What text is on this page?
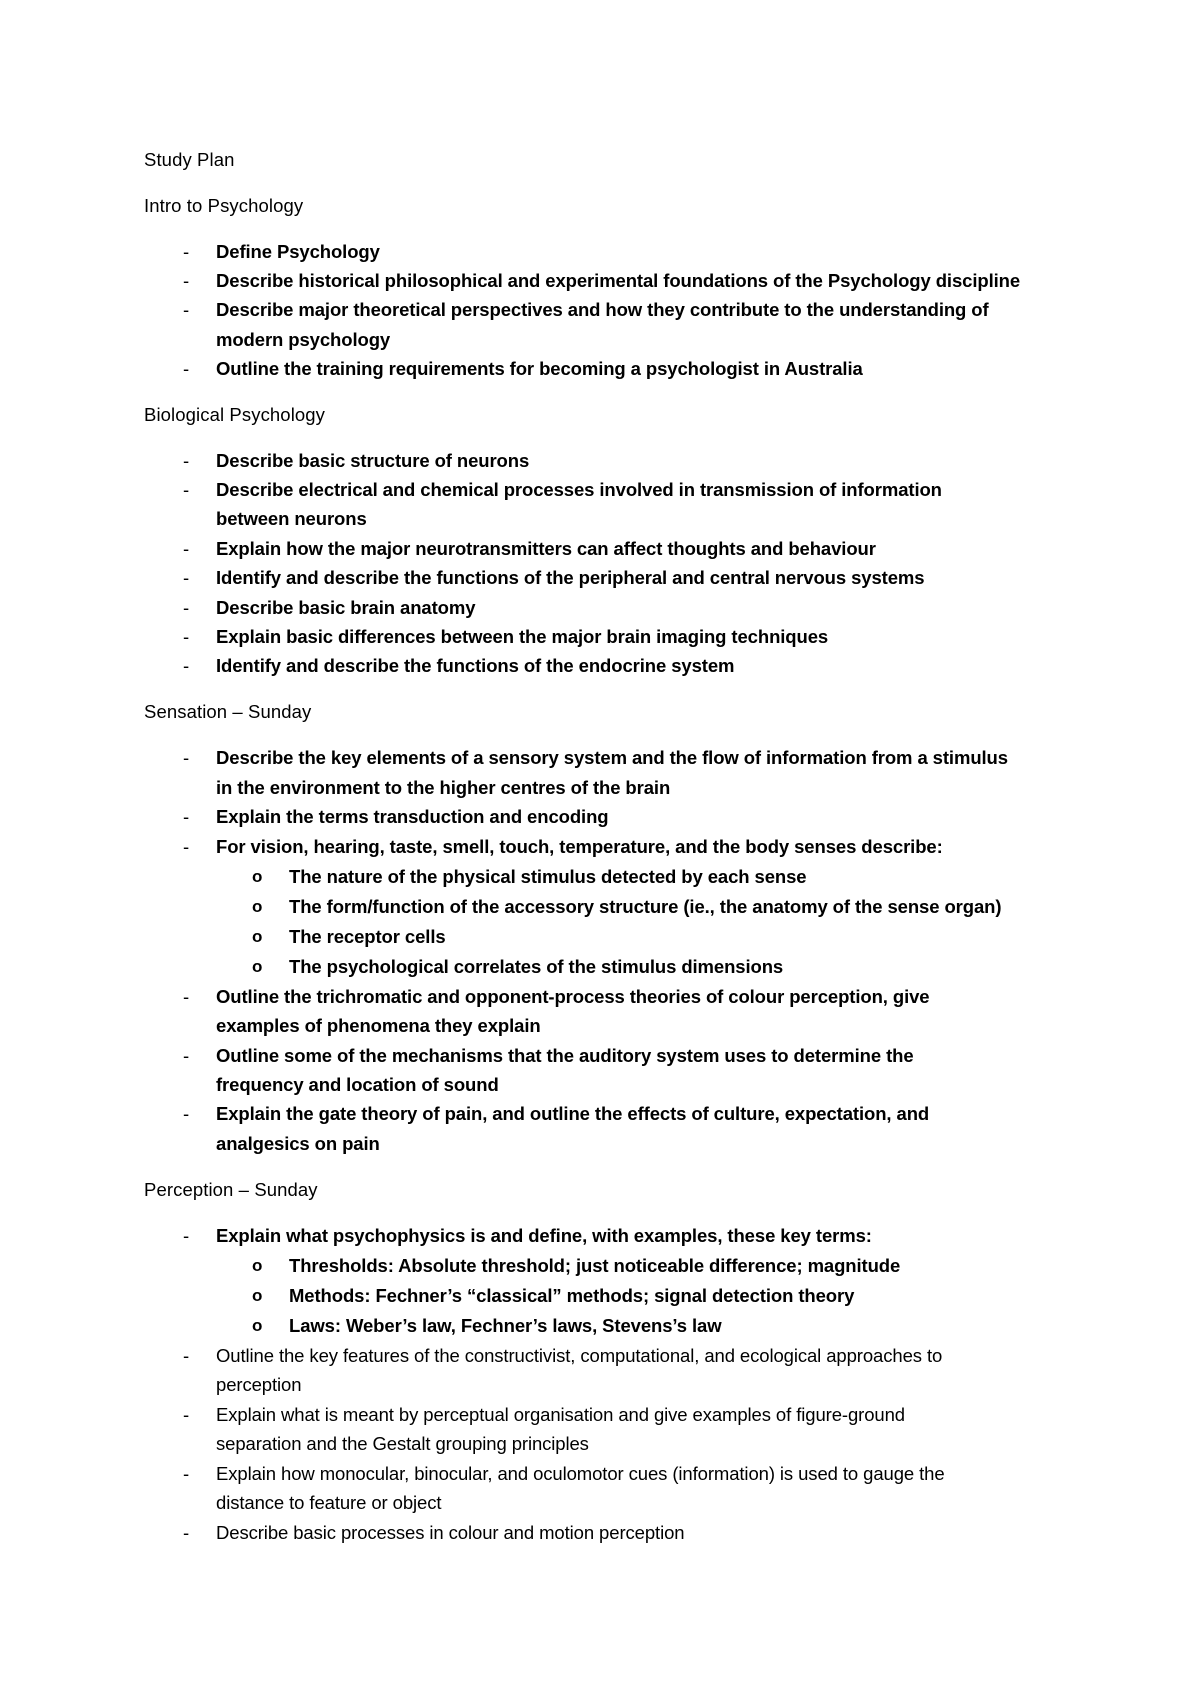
Study Plan
Intro to Psychology
- Define Psychology
- Describe historical philosophical and experimental foundations of the Psychology discipline
- Describe major theoretical perspectives and how they contribute to the understanding of
modern psychology
- Outline the training requirements for becoming a psychologist in Australia
Biological Psychology
- Describe basic structure of neurons
- Describe electrical and chemical processes involved in transmission of information
between neurons
- Explain how the major neurotransmitters can affect thoughts and behaviour
- Identify and describe the functions of the peripheral and central nervous systems
- Describe basic brain anatomy
- Explain basic differences between the major brain imaging techniques
- Identify and describe the functions of the endocrine system
Sensation – Sunday
- Describe the key elements of a sensory system and the flow of information from a stimulus
in the environment to the higher centres of the brain
- Explain the terms transduction and encoding
- For vision, hearing, taste, smell, touch, temperature, and the body senses describe:
o The nature of the physical stimulus detected by each sense
o The form/function of the accessory structure (ie., the anatomy of the sense organ)
o The receptor cells
o The psychological correlates of the stimulus dimensions
- Outline the trichromatic and opponent-process theories of colour perception, give
examples of phenomena they explain
- Outline some of the mechanisms that the auditory system uses to determine the
frequency and location of sound
- Explain the gate theory of pain, and outline the effects of culture, expectation, and
analgesics on pain
Perception – Sunday
- Explain what psychophysics is and define, with examples, these key terms:
o Thresholds: Absolute threshold; just noticeable difference; magnitude
o Methods: Fechner’s “classical” methods; signal detection theory
o Laws: Weber’s law, Fechner’s laws, Stevens’s law
- Outline the key features of the constructivist, computational, and ecological approaches to
perception
- Explain what is meant by perceptual organisation and give examples of figure-ground
separation and the Gestalt grouping principles
- Explain how monocular, binocular, and oculomotor cues (information) is used to gauge the
distance to feature or object
- Describe basic processes in colour and motion perception
